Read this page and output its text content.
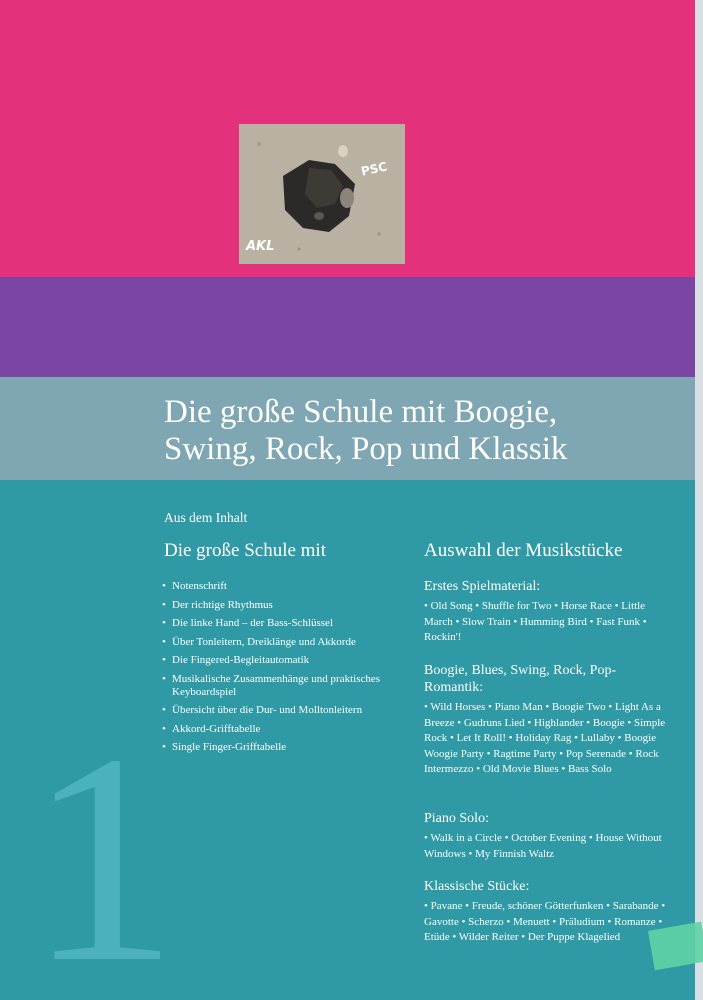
AKL
PSC
Die große Schule mit Boogie, Swing, Rock, Pop und Klassik
Aus dem Inhalt
Die große Schule mit
• Notenschrift
• Der richtige Rhythmus
• Die linke Hand – der Bass-Schlüssel
• Über Tonleitern, Dreiklänge und Akkorde
• Die Fingered-Begleitautomatik
• Musikalische Zusammenhänge und praktisches Keyboardspiel
• Übersicht über die Dur- und Molltonleitern
• Akkord-Grifftabelle
• Single Finger-Grifftabelle
Auswahl der Musikstücke
Erstes Spielmaterial:

• Old Song • Shuffle for Two • Horse Race • Little March • Slow Train • Humming Bird • Fast Funk • Rockin'!

Boogie, Blues, Swing, Rock, Pop-Romantik:

• Wild Horses • Piano Man • Boogie Two • Light As a Breeze • Gudruns Lied • Highlander • Boogie • Simple Rock • Let It Roll! • Holiday Rag • Lullaby • Boogie Woogie Party • Ragtime Party • Pop Serenade • Rock Intermezzo • Old Movie Blues • Bass Solo

Piano Solo:

• Walk in a Circle • October Evening • House Without Windows • My Finnish Waltz

Klassische Stücke:

• Pavane • Freude, schöner Götterfunken • Sarabande • Gavotte • Scherzo • Menuett • Präludium • Romanze • Etüde • Wilder Reiter • Der Puppe Klagelied

1
